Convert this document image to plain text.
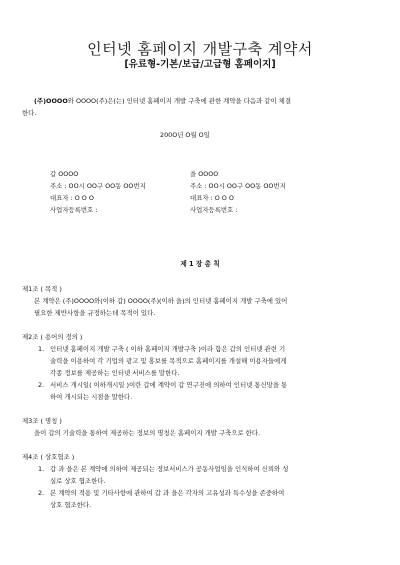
인터넷 홈페이지 개발구축 계약서
[유료형-기본/보급/고급형 홈페이지]
(주)OOOO와 OOOO(주)은(는) 인터넷 홈페이지 개발 구축에 관한 계약을 다음과 같이 체결
한다.
200O년 O월 O일
갑 OOOO
주소 : OO시 OO구 OO동 OO번지
대표자 : O O O
사업자등록번호 :
을 OOOO
주소 : OO시 OO구 OO동 OO번지
대표자 : O O O
사업자등록번호 :
제 1 장 총 칙
제1조 ( 목적 )
본 계약은 (주)OOOO와(이하 갑) OOOO(주)(이하 을)의 인터넷 홈페이지 개발 구축에 있어
필요한 제반사항을 규정하는데 목적이 있다.
제2조 ( 용어의 정의 )
1. 인터넷 홈페이지 개발 구축 ( 이하 홈페이지 개발구축 )이라 함은 갑의 인터넷 관련 기
술력을 이용하여 각 기업의 광고 및 홍보를 목적으로 홈페이지를 개설해 이용자들에게
각종 정보를 제공하는 인터넷 서비스를 말한다.
2. 서비스 개시일( 이하개시일 )이란 갑에 계약이 갑 연구진에 의하여 인터넷 통신망을 통
하여 개시되는 시점을 말한다.
제3조 ( 명칭 )
을이 갑의 기술력을 통하여 제공하는 정보의 명칭은 홈페이지 개발 구축으로 한다.
제4조 ( 상호협조 )
1. 갑 과 을은 본 계약에 의하여 제공되는 정보서비스가 공동사업임을 인식하여 신뢰와 성
실로 상호 협조한다.
2. 본 계약의 적용 및 기타사항에 관하여 갑 과 을은 각자의 고유성과 특수성을 존중하여
상호 협조한다.
